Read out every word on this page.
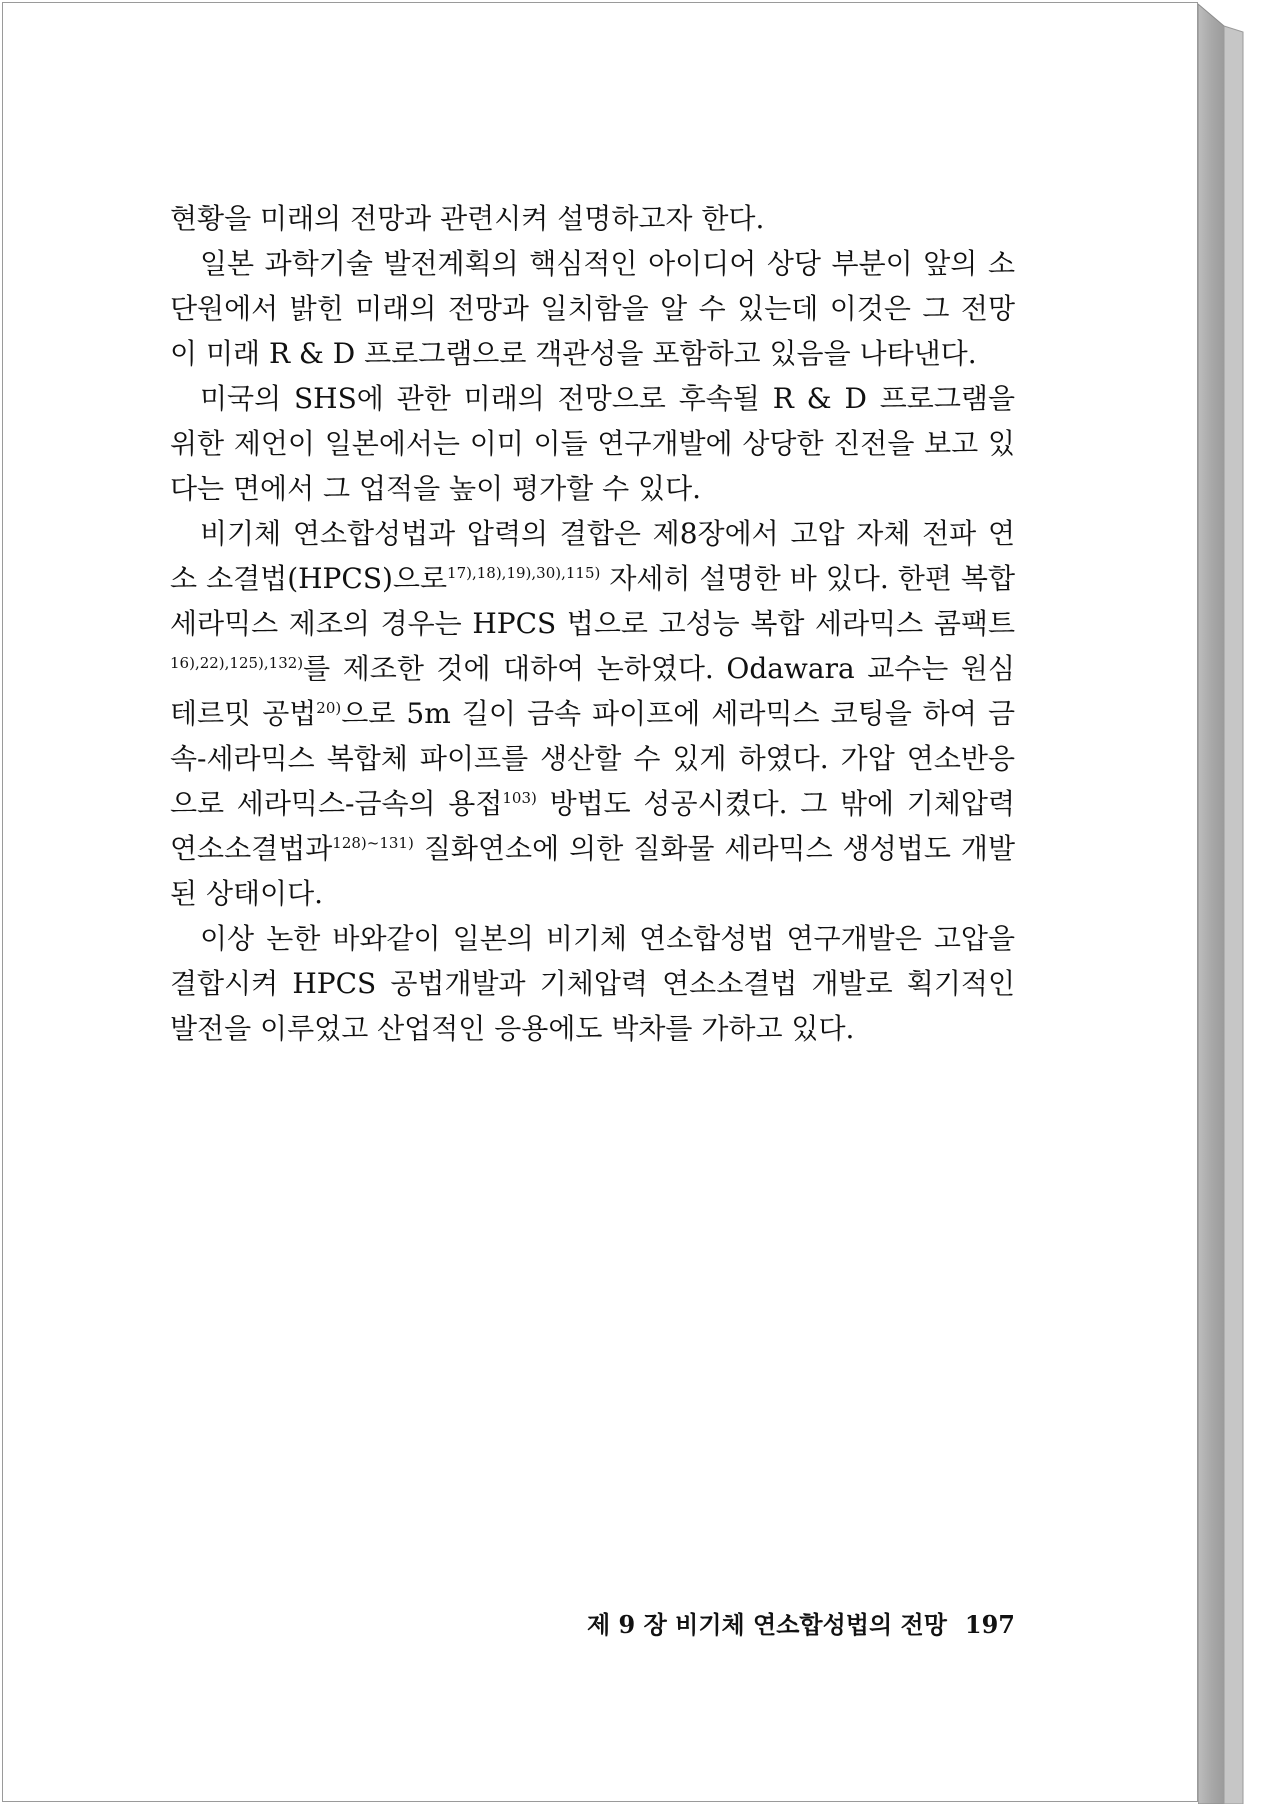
현황을 미래의 전망과 관련시켜 설명하고자 한다.

일본 과학기술 발전계획의 핵심적인 아이디어 상당 부분이 앞의 소단원에서 밝힌 미래의 전망과 일치함을 알 수 있는데 이것은 그 전망이 미래 R & D 프로그램으로 객관성을 포함하고 있음을 나타낸다.

미국의 SHS에 관한 미래의 전망으로 후속될 R & D 프로그램을 위한 제언이 일본에서는 이미 이들 연구개발에 상당한 진전을 보고 있다는 면에서 그 업적을 높이 평가할 수 있다.

비기체 연소합성법과 압력의 결합은 제8장에서 고압 자체 전파 연소 소결법(HPCS)으로$^{17),18),19),30),115)}$ 자세히 설명한 바 있다. 한편 복합세라믹스 제조의 경우는 HPCS 법으로 고성능 복합 세라믹스 콤팩트$^{16),22),125),132)}$를 제조한 것에 대하여 논하였다. Odawara 교수는 원심테르밋 공법$^{20)}$으로 5m 길이 금속 파이프에 세라믹스 코팅을 하여 금속-세라믹스 복합체 파이프를 생산할 수 있게 하였다. 가압 연소반응으로 세라믹스-금속의 용접$^{103)}$ 방법도 성공시켰다. 그 밖에 기체압력연소소결법과$^{128)\sim 131)}$ 질화연소에 의한 질화물 세라믹스 생성법도 개발된 상태이다.

이상 논한 바와같이 일본의 비기체 연소합성법 연구개발은 고압을 결합시켜 HPCS 공법개발과 기체압력 연소소결법 개발로 획기적인 발전을 이루었고 산업적인 응용에도 박차를 가하고 있다.

제 9 장 비기체 연소합성법의 전망 197
